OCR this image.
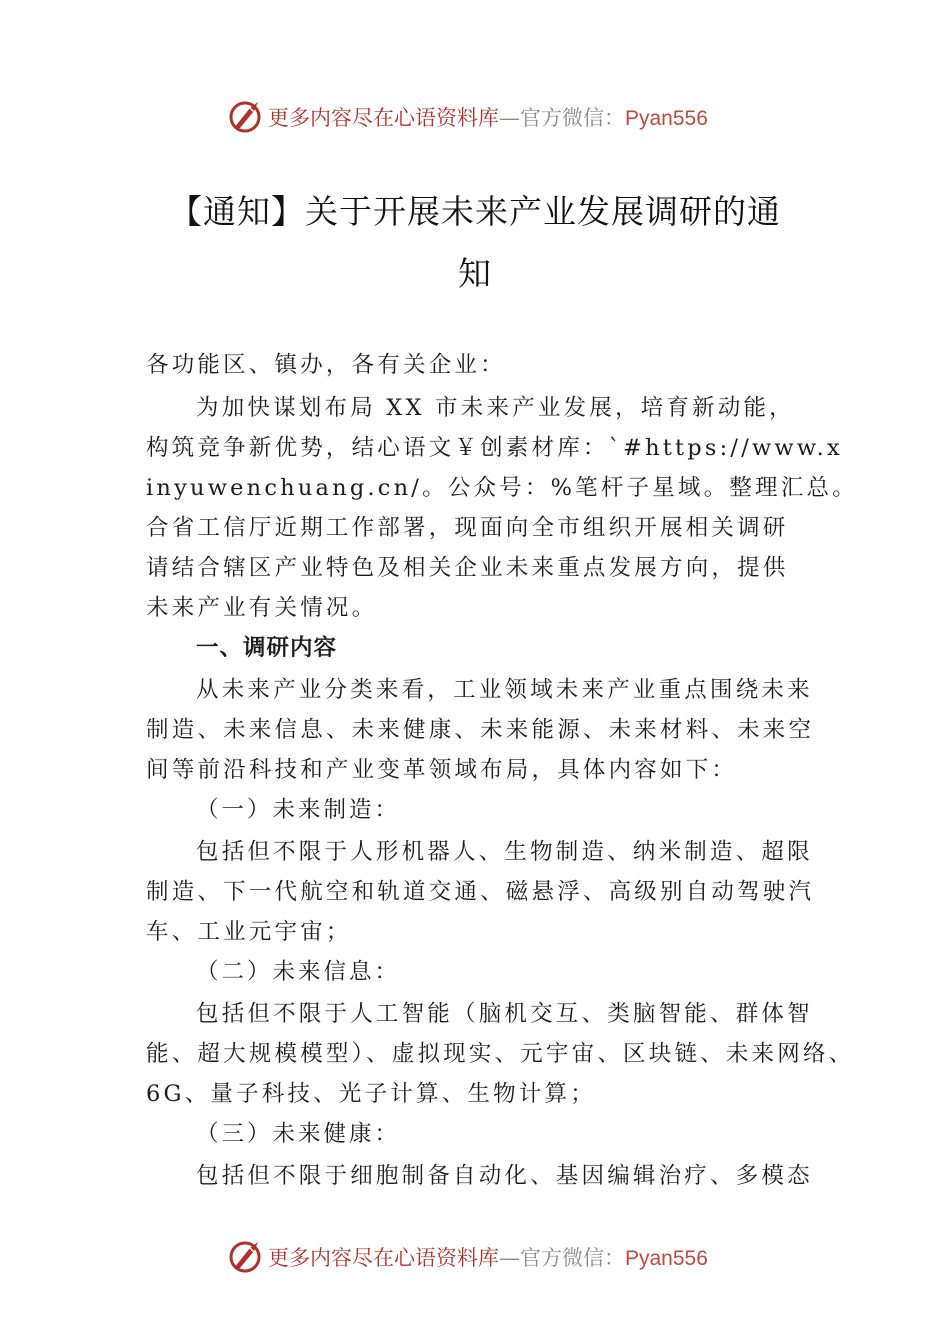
更多内容尽在心语资料库—官方微信：Pyan556
【通知】关于开展未来产业发展调研的通
知
各功能区、镇办，各有关企业：
为加快谋划布局 XX 市未来产业发展，培育新动能，
构筑竞争新优势，结心语文￥创素材库：`#https://www.x
inyuwenchuang.cn/。公众号：%笔杆子星域。整理汇总。
合省工信厅近期工作部署，现面向全市组织开展相关调研
请结合辖区产业特色及相关企业未来重点发展方向，提供
未来产业有关情况。
一、调研内容
从未来产业分类来看，工业领域未来产业重点围绕未来
制造、未来信息、未来健康、未来能源、未来材料、未来空
间等前沿科技和产业变革领域布局，具体内容如下：
（一）未来制造：
包括但不限于人形机器人、生物制造、纳米制造、超限
制造、下一代航空和轨道交通、磁悬浮、高级别自动驾驶汽
车、工业元宇宙；
（二）未来信息：
包括但不限于人工智能（脑机交互、类脑智能、群体智
能、超大规模模型）、虚拟现实、元宇宙、区块链、未来网络、
6G、量子科技、光子计算、生物计算；
（三）未来健康：
包括但不限于细胞制备自动化、基因编辑治疗、多模态
更多内容尽在心语资料库—官方微信：Pyan556
